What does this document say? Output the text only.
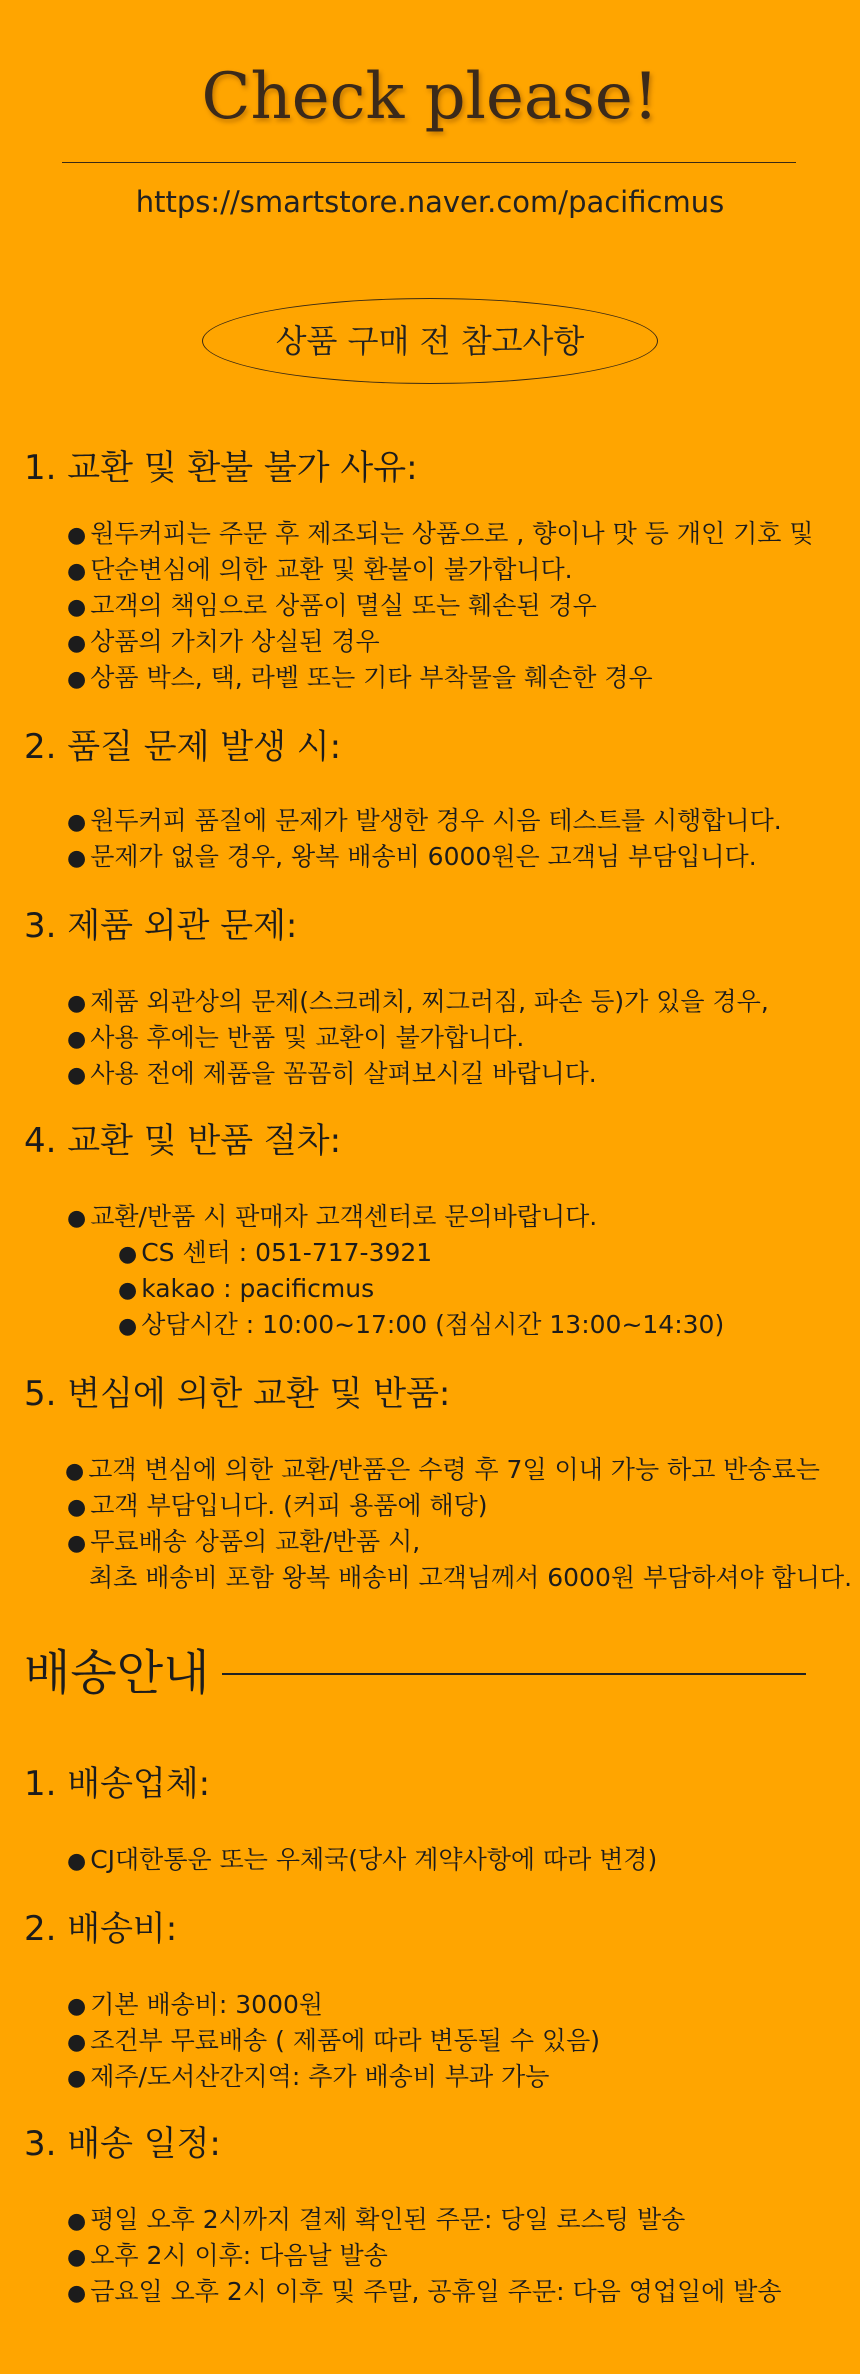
Check please!
https://smartstore.naver.com/pacificmus
상품 구매 전 참고사항
1. 교환 및 환불 불가 사유:
● 원두커피는 주문 후 제조되는 상품으로 , 향이나 맛 등 개인 기호 및
● 단순변심에 의한 교환 및 환불이 불가합니다.
● 고객의 책임으로 상품이 멸실 또는 훼손된 경우
● 상품의 가치가 상실된 경우
● 상품 박스, 택, 라벨 또는 기타 부착물을 훼손한 경우
2. 품질 문제 발생 시:
● 원두커피 품질에 문제가 발생한 경우 시음 테스트를 시행합니다.
● 문제가 없을 경우, 왕복 배송비 6000원은 고객님 부담입니다.
3. 제품 외관 문제:
● 제품 외관상의 문제(스크레치, 찌그러짐, 파손 등)가 있을 경우,
● 사용 후에는 반품 및 교환이 불가합니다.
● 사용 전에 제품을 꼼꼼히 살펴보시길 바랍니다.
4. 교환 및 반품 절차:
● 교환/반품 시 판매자 고객센터로 문의바랍니다.
● CS 센터 : 051-717-3921
● kakao : pacificmus
● 상담시간 : 10:00~17:00 (점심시간 13:00~14:30)
5. 변심에 의한 교환 및 반품:
● 고객 변심에 의한 교환/반품은 수령 후 7일 이내 가능 하고 반송료는
● 고객 부담입니다. (커피 용품에 해당)
● 무료배송 상품의 교환/반품 시,
최초 배송비 포함 왕복 배송비 고객님께서 6000원 부담하셔야 합니다.
배송안내
1. 배송업체:
● CJ대한통운 또는 우체국(당사 계약사항에 따라 변경)
2. 배송비:
● 기본 배송비: 3000원
● 조건부 무료배송 ( 제품에 따라 변동될 수 있음)
● 제주/도서산간지역: 추가 배송비 부과 가능
3. 배송 일정:
● 평일 오후 2시까지 결제 확인된 주문: 당일 로스팅 발송
● 오후 2시 이후: 다음날 발송
● 금요일 오후 2시 이후 및 주말, 공휴일 주문: 다음 영업일에 발송
